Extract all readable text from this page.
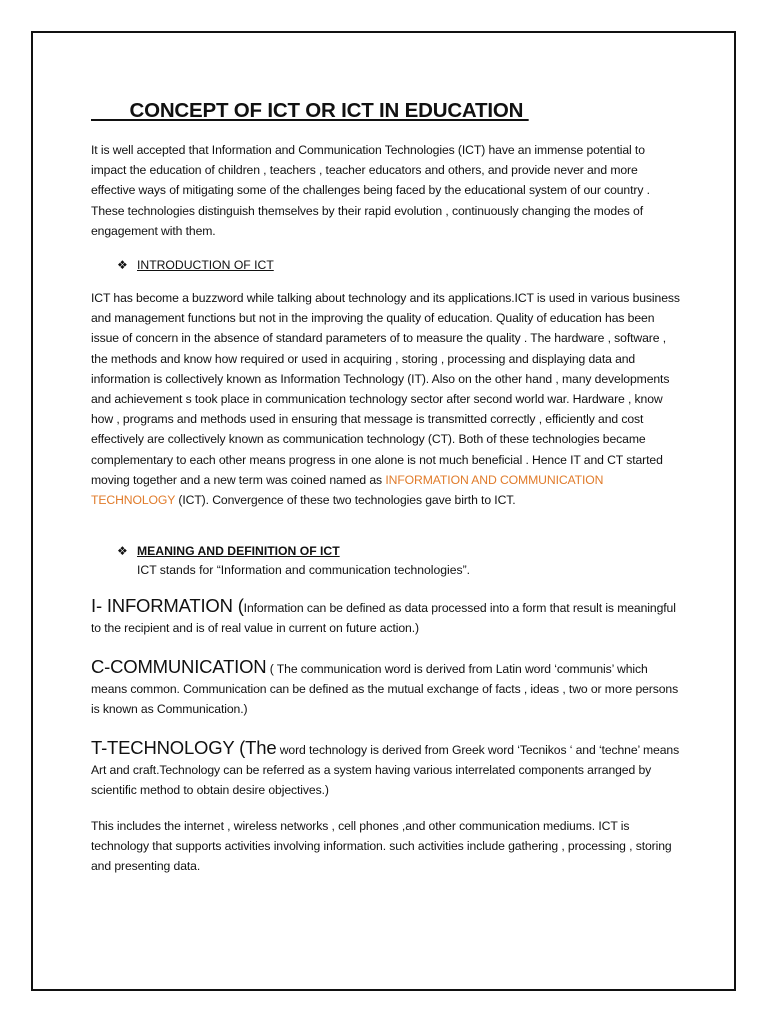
CONCEPT OF ICT OR ICT IN EDUCATION

It is well accepted that Information and Communication Technologies (ICT) have an immense potential to impact the education of children , teachers , teacher educators and others, and provide never and more effective ways of mitigating some of the challenges being faced by the educational system of our country . These technologies distinguish themselves by their rapid evolution , continuously changing the modes of engagement with them.

❖ INTRODUCTION OF ICT

ICT has become a buzzword while talking about technology and its applications.ICT is used in various business and management functions but not in the improving the quality of education. Quality of education has been issue of concern in the absence of standard parameters of to measure the quality . The hardware , software , the methods and know how required or used in acquiring , storing , processing and displaying data and information is collectively known as Information Technology (IT). Also on the other hand , many developments and achievement s took place in communication technology sector after second world war. Hardware , know how , programs and methods used in ensuring that message is transmitted correctly , efficiently and cost effectively are collectively known as communication technology (CT). Both of these technologies became complementary to each other means progress in one alone is not much beneficial . Hence IT and CT started moving together and a new term was coined named as INFORMATION AND COMMUNICATION TECHNOLOGY (ICT). Convergence of these two technologies gave birth to ICT.

❖ MEANING AND DEFINITION OF ICT
ICT stands for “Information and communication technologies”.

I- INFORMATION (Information can be defined as data processed into a form that result is meaningful to the recipient and is of real value in current on future action.)

C-COMMUNICATION ( The communication word is derived from Latin word ‘communis’ which means common. Communication can be defined as the mutual exchange of facts , ideas , two or more persons is known as Communication.)

T-TECHNOLOGY (The word technology is derived from Greek word ‘Tecnikos ‘ and ‘techne’ means Art and craft.Technology can be referred as a system having various interrelated components arranged by scientific method to obtain desire objectives.)

This includes the internet , wireless networks , cell phones ,and other communication mediums. ICT is technology that supports activities involving information. such activities include gathering , processing , storing and presenting data.
